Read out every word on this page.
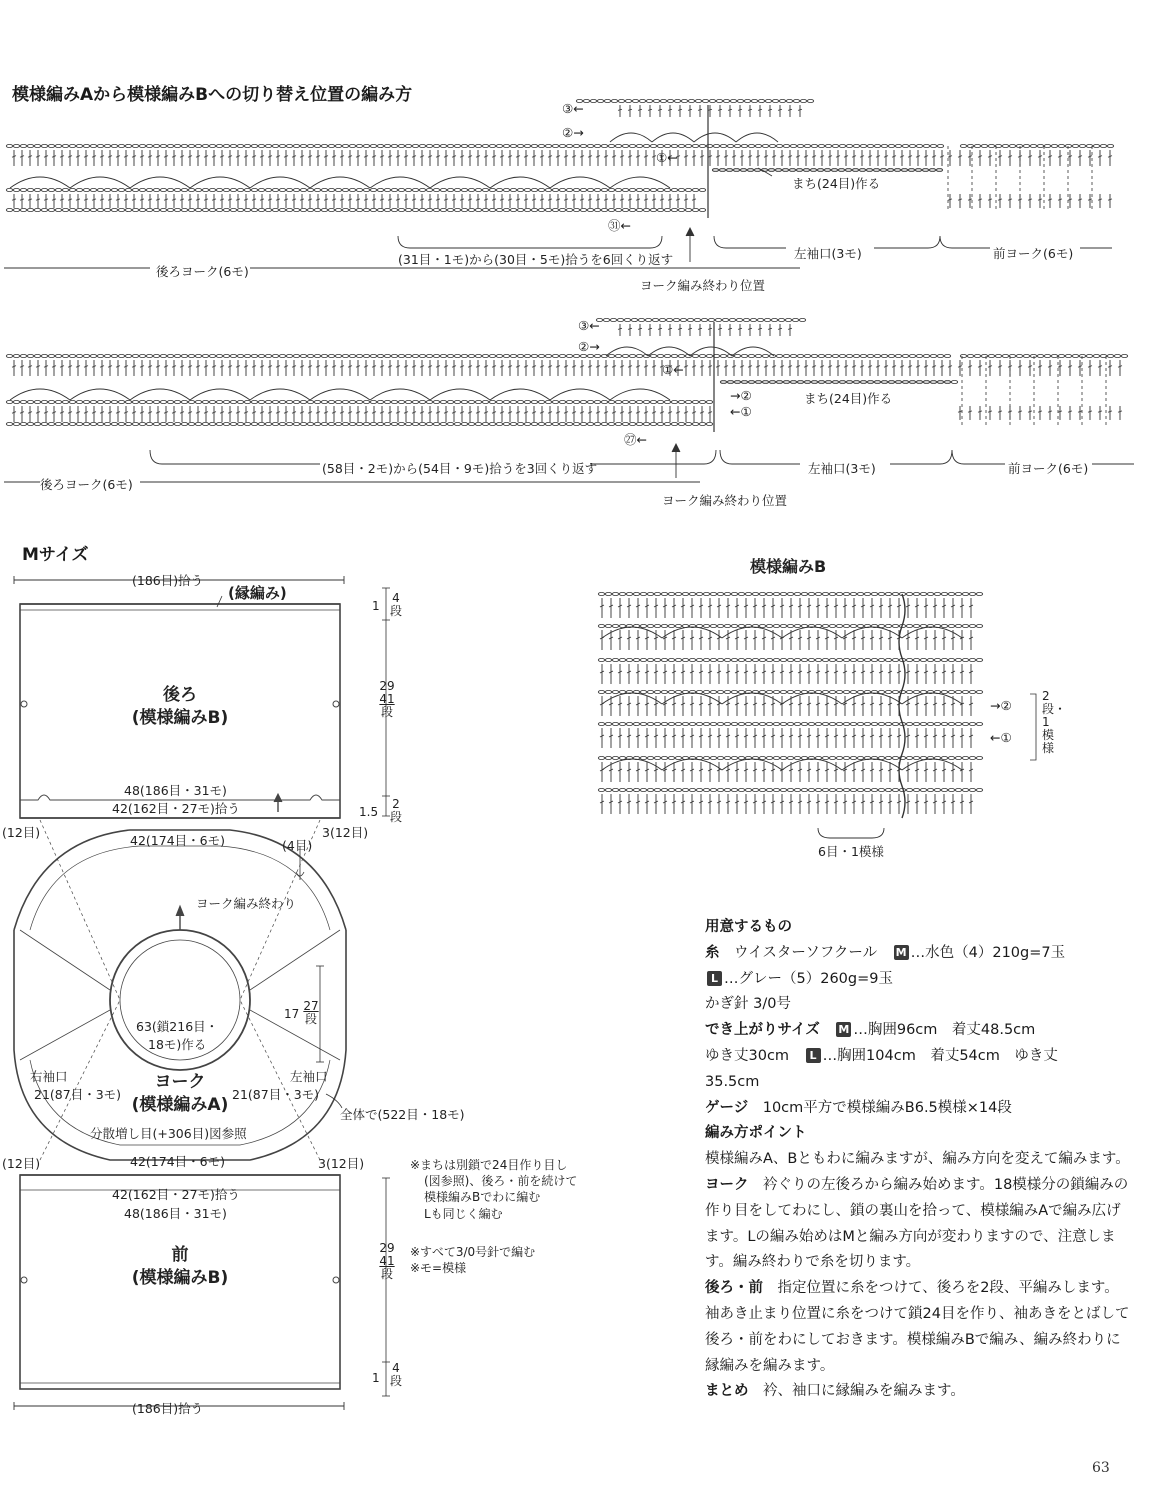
模様編みAから模様編みBへの切り替え位置の編み方
③←
②→
①←
㉛←
まち(24目)作る
(31目・1モ)から(30目・5モ)拾うを6回くり返す
後ろヨーク(6モ)
左袖口(3モ)	前ヨーク(6モ)
ヨーク編み終わり位置
③←
②→
①←
㉗←
→②
←①
まち(24目)作る
(58目・2モ)から(54目・9モ)拾うを3回くり返す
後ろヨーク(6モ)
左袖口(3モ)	前ヨーク(6モ)
ヨーク編み終わり位置
Mサイズ
(186目)拾う
(縁編み)
1
4
段
29
41
段
後ろ
(模様編みB)
48(186目・31モ)
42(162目・27モ)拾う	1.5
2
段
(12目)	3(12目)
42(174目・6モ)	(4目)
ヨーク編み終わり
63(鎖216目・
18モ)作る
17
27
段
右袖口	左袖口
21(87目・3モ)	21(87目・3モ)
ヨーク
(模様編みA)	全体で(522目・18モ)
分散増し目(+306目)図参照
42(174目・6モ)
(12目)	3(12目)
42(162目・27モ)拾う
48(186目・31モ)
前
(模様編みB)
29
41
段
1
4
段
(186目)拾う
※まちは別鎖で24目作り目し
(図参照)、後ろ・前を続けて
模様編みBでわに編む
Lも同じく編む
※すべて3/0号針で編む
※モ=模様
模様編みB
→②
←①
2段・1模様
6目・1模様

用意するもの

糸　 ウイスターソフクール　 M …水色（4）210g=7玉

L …グレー（5）260g=9玉

かぎ針 3/0号

でき上がりサイズ　 M …胸囲96cm　着丈48.5cm

ゆき丈30cm　 L …胸囲104cm　着丈54cm　ゆき丈

35.5cm

ゲージ　 10cm平方で模様編みB6.5模様×14段

編み方ポイント

模様編みA、Bともわに編みますが、編み方向を変えて編みます。

ヨーク　 衿ぐりの左後ろから編み始めます。18模様分の鎖編みの作り目をしてわにし、鎖の裏山を拾って、模様編みAで編み広げます。Lの編み始めはMと編み方向が変わりますので、注意します。編み終わりで糸を切ります。

後ろ・前　 指定位置に糸をつけて、後ろを2段、平編みします。袖あき止まり位置に糸をつけて鎖24目を作り、袖あきをとばして後ろ・前をわにしておきます。模様編みBで編み、編み終わりに縁編みを編みます。

まとめ　 衿、袖口に縁編みを編みます。

63
